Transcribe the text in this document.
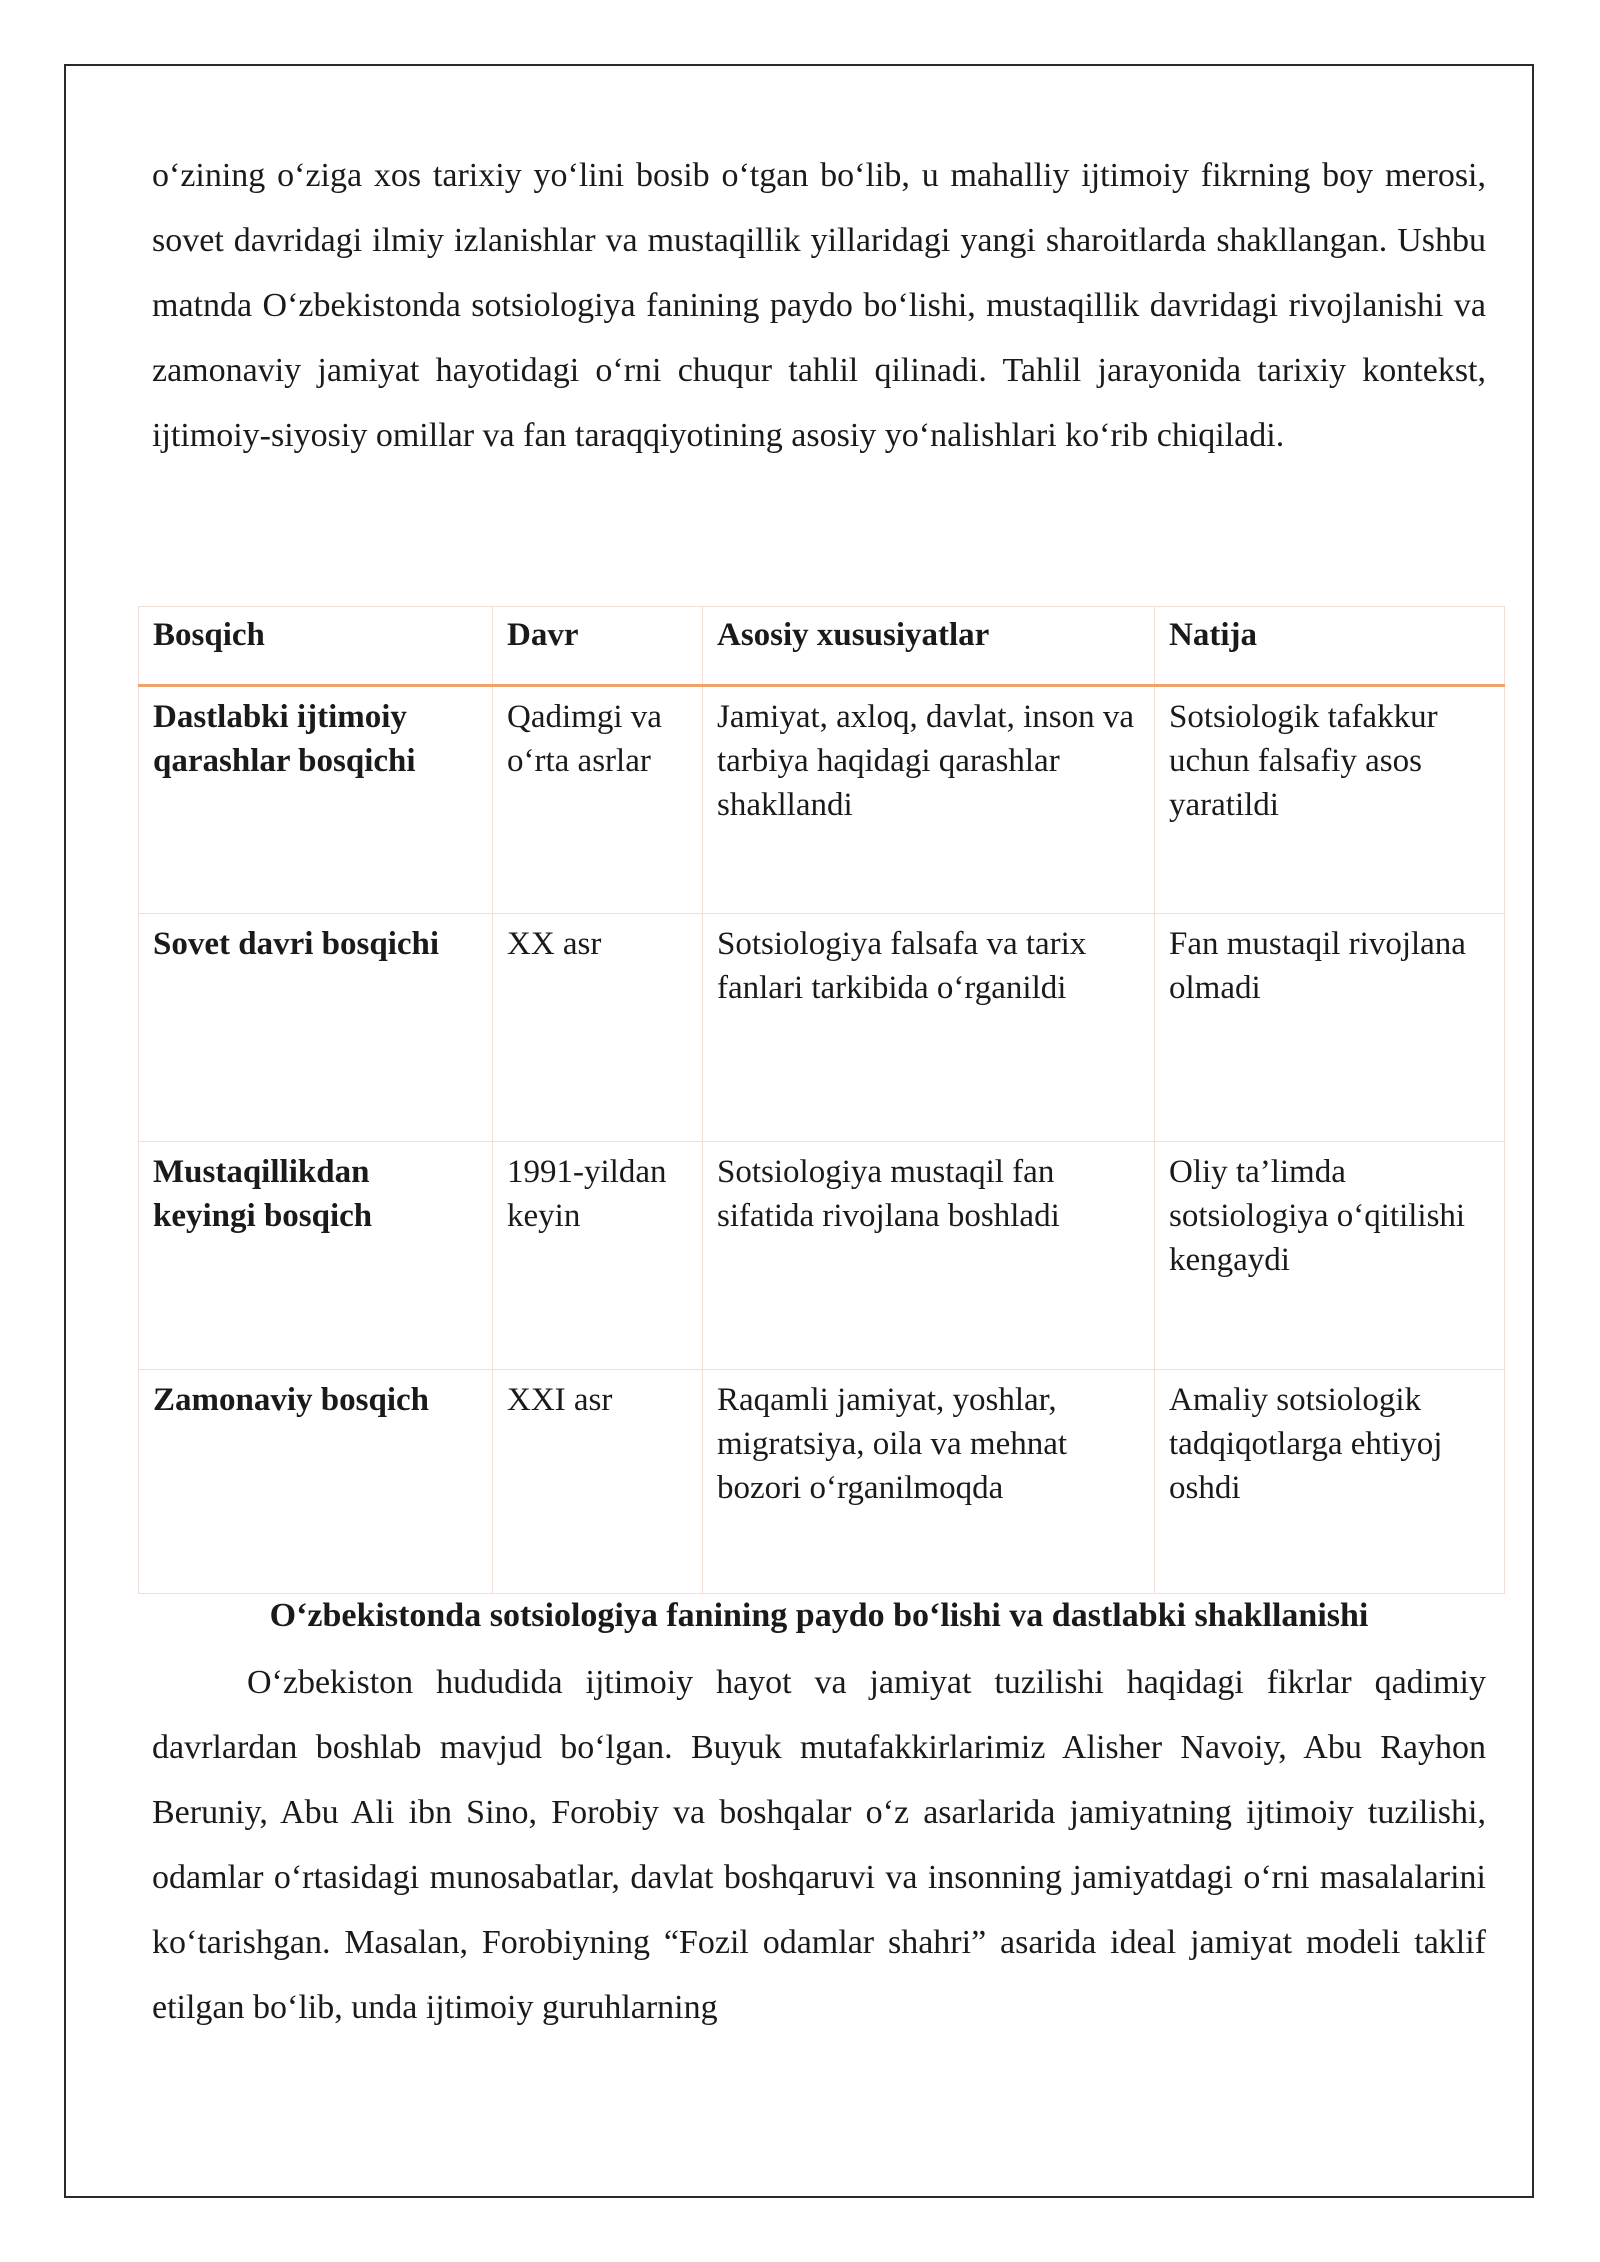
o‘zining o‘ziga xos tarixiy yo‘lini bosib o‘tgan bo‘lib, u mahalliy ijtimoiy fikrning boy merosi, sovet davridagi ilmiy izlanishlar va mustaqillik yillaridagi yangi sharoitlarda shakllangan. Ushbu matnda O‘zbekistonda sotsiologiya fanining paydo bo‘lishi, mustaqillik davridagi rivojlanishi va zamonaviy jamiyat hayotidagi o‘rni chuqur tahlil qilinadi. Tahlil jarayonida tarixiy kontekst, ijtimoiy-siyosiy omillar va fan taraqqiyotining asosiy yo‘nalishlari ko‘rib chiqiladi.

Bosqich	Davr	Asosiy xususiyatlar	Natija
Dastlabki ijtimoiy qarashlar bosqichi	Qadimgi va o‘rta asrlar	Jamiyat, axloq, davlat, inson va tarbiya haqidagi qarashlar shakllandi	Sotsiologik tafakkur uchun falsafiy asos yaratildi
Sovet davri bosqichi	XX asr	Sotsiologiya falsafa va tarix fanlari tarkibida o‘rganildi	Fan mustaqil rivojlana olmadi
Mustaqillikdan keyingi bosqich	1991-yildan keyin	Sotsiologiya mustaqil fan sifatida rivojlana boshladi	Oliy ta’limda sotsiologiya o‘qitilishi kengaydi
Zamonaviy bosqich	XXI asr	Raqamli jamiyat, yoshlar, migratsiya, oila va mehnat bozori o‘rganilmoqda	Amaliy sotsiologik tadqiqotlarga ehtiyoj oshdi
O‘zbekistonda sotsiologiya fanining paydo bo‘lishi va dastlabki shakllanishi

O‘zbekiston hududida ijtimoiy hayot va jamiyat tuzilishi haqidagi fikrlar qadimiy davrlardan boshlab mavjud bo‘lgan. Buyuk mutafakkirlarimiz Alisher Navoiy, Abu Rayhon Beruniy, Abu Ali ibn Sino, Forobiy va boshqalar o‘z asarlarida jamiyatning ijtimoiy tuzilishi, odamlar o‘rtasidagi munosabatlar, davlat boshqaruvi va insonning jamiyatdagi o‘rni masalalarini ko‘tarishgan. Masalan, Forobiyning “Fozil odamlar shahri” asarida ideal jamiyat modeli taklif etilgan bo‘lib, unda ijtimoiy guruhlarning
